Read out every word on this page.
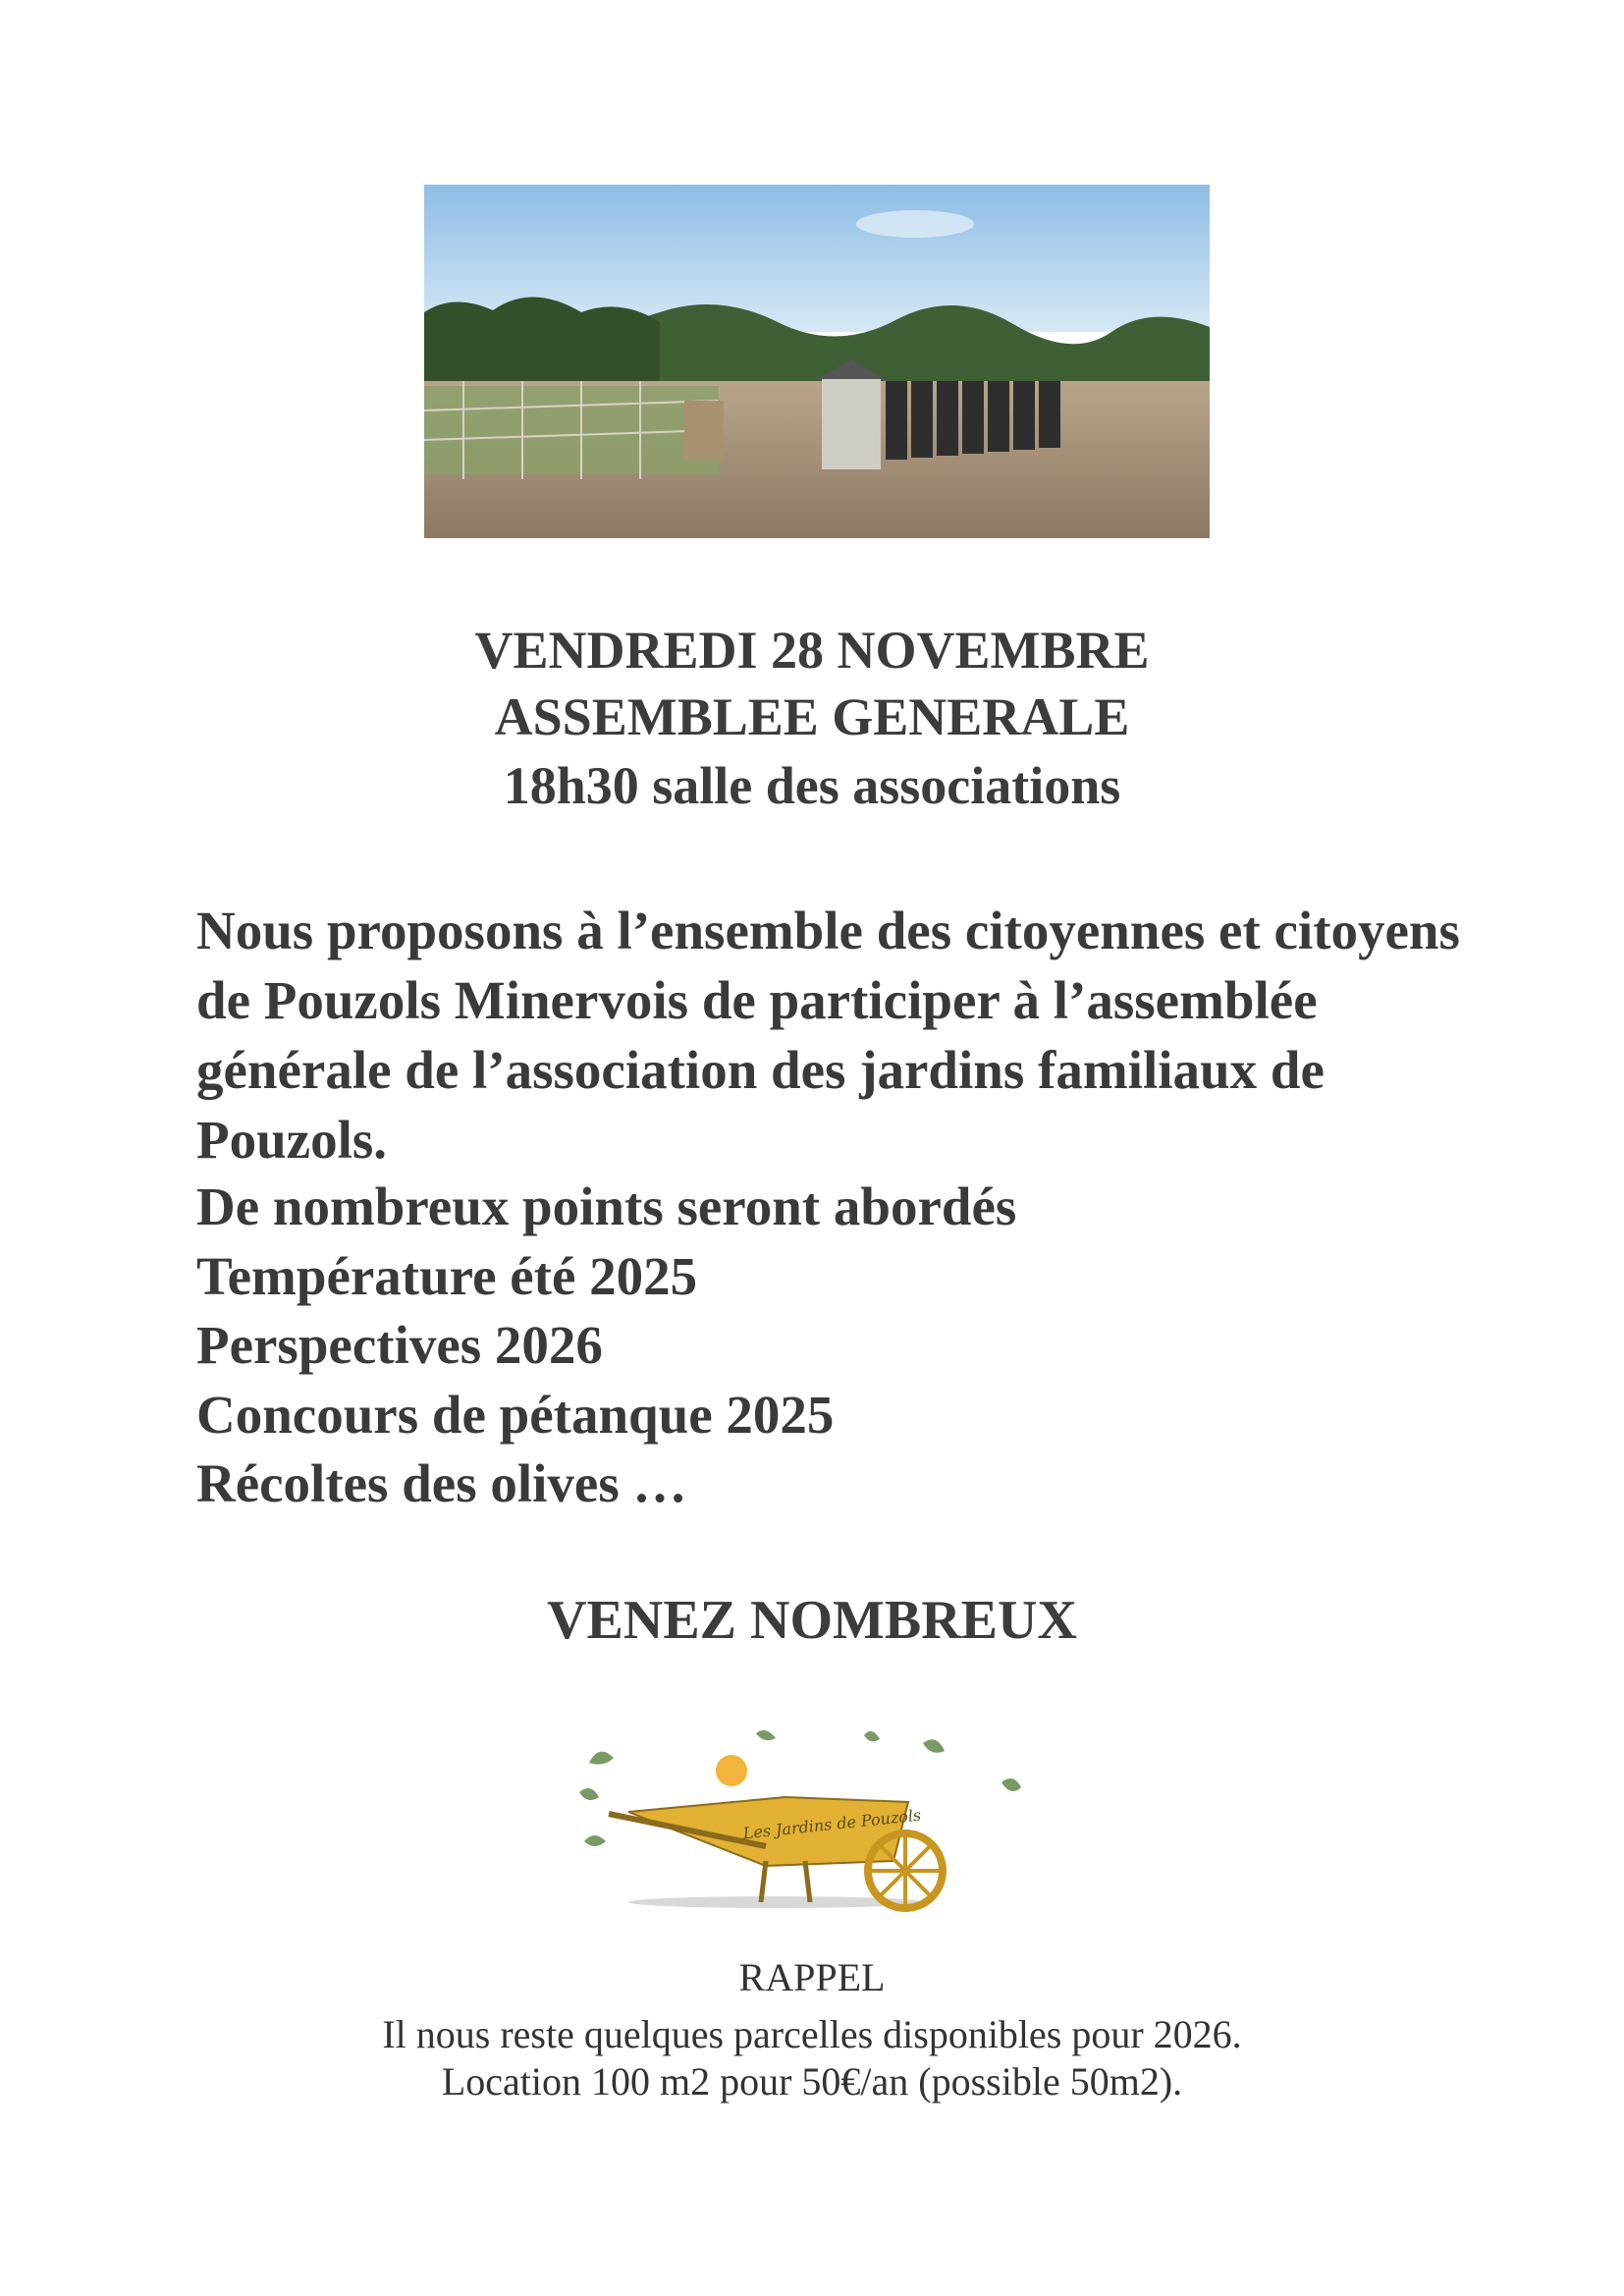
VENDREDI 28 NOVEMBRE
ASSEMBLEE GENERALE
18h30 salle des associations

Nous proposons à l’ensemble des citoyennes et citoyens de Pouzols Minervois de participer à l’assemblée générale de l’association des jardins familiaux de Pouzols.

De nombreux points seront abordés
Température été 2025
Perspectives 2026
Concours de pétanque 2025
Récoltes des olives …
VENEZ NOMBREUX
Les Jardins de Pouzols
RAPPEL
Il nous reste quelques parcelles disponibles pour 2026.
Location 100 m2 pour 50€/an (possible 50m2).
